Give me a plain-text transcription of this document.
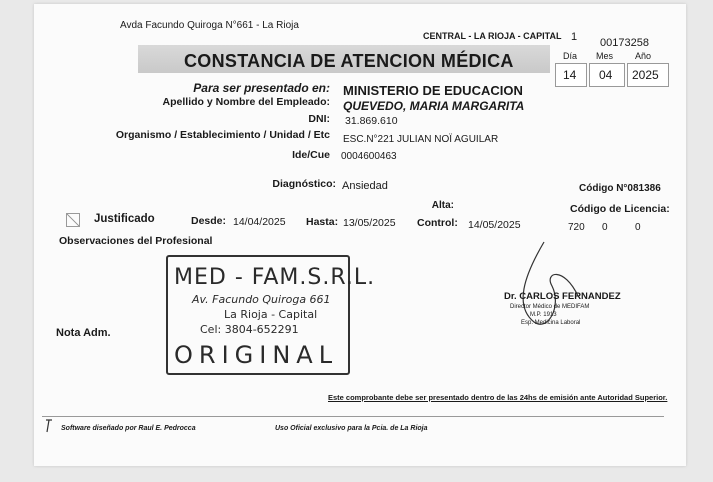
Avda Facundo Quiroga N°661 - La Rioja
CENTRAL - LA RIOJA - CAPITAL 1 00173258
CONSTANCIA DE ATENCION MÉDICA	Día Mes Año
14 04 2025
Para ser presentado en: MINISTERIO DE EDUCACION
Apellido y Nombre del Empleado: QUEVEDO, MARIA MARGARITA
DNI: 31.869.610
Organismo / Establecimiento / Unidad / Etc ESC.N°221 JULIAN NOÏ AGUILAR
Ide/Cue 0004600463
Diagnóstico: Ansiedad	Código N°081386
Alta:	Código de Licencia:
Justificado	Desde: 14/04/2025 Hasta: 13/05/2025 Control: 14/05/2025	720 0	0
Observaciones del Profesional
MED - FAM.S.R.L.
Av. Facundo Quiroga 661
La Rioja - Capital
Cel: 3804-652291
ORIGINAL
Nota Adm.
Dr. CARLOS FERNANDEZ
Director Médico de MEDIFAM
M.P. 1913
Esp. Medicina Laboral
Este comprobante debe ser presentado dentro de las 24hs de emisión ante Autoridad Superior.
Software diseñado por Raul E. Pedrocca	Uso Oficial exclusivo para la Pcia. de La Rioja
